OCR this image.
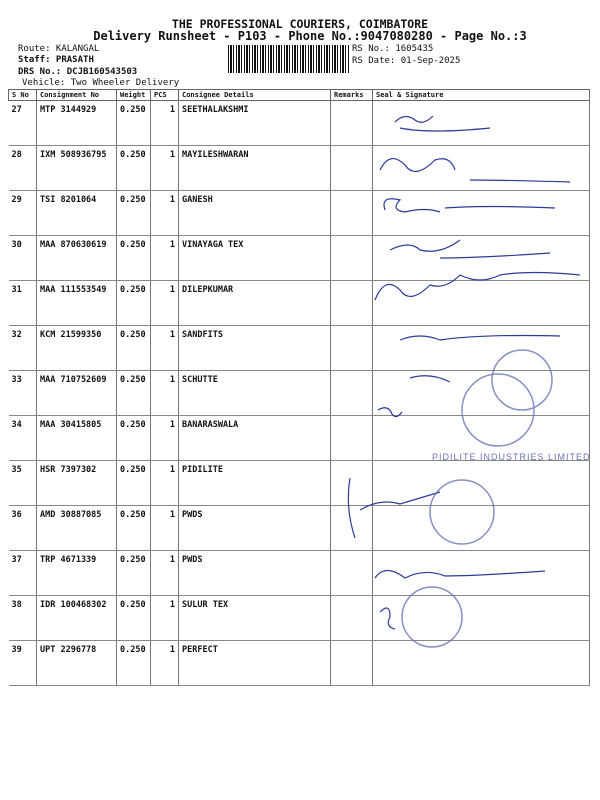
THE PROFESSIONAL COURIERS, COIMBATORE
Delivery Runsheet - P103 - Phone No.:9047080280 - Page No.:3
Route: KALANGAL
Staff: PRASATH
DRS No.: DCJB160543503
Vehicle: Two Wheeler Delivery
RS No.: 1605435
RS Date: 01-Sep-2025
S No	Consignment No	Weight	PCS	Consignee Details	Remarks	Seal & Signature
27	MTP 3144929	0.250	1	SEETHALAKSHMI		
28	IXM 508936795	0.250	1	MAYILESHWARAN		
29	TSI 8201064	0.250	1	GANESH		
30	MAA 870630619	0.250	1	VINAYAGA TEX		
31	MAA 111553549	0.250	1	DILEPKUMAR		
32	KCM 21599350	0.250	1	SANDFITS		
33	MAA 710752609	0.250	1	SCHUTTE		
34	MAA 30415805	0.250	1	BANARASWALA		
35	HSR 7397302	0.250	1	PIDILITE		
36	AMD 30887085	0.250	1	PWDS		
37	TRP 4671339	0.250	1	PWDS		
38	IDR 100468302	0.250	1	SULUR TEX		
39	UPT 2296778	0.250	1	PERFECT		
PIDILITE INDUSTRIES LIMITED
